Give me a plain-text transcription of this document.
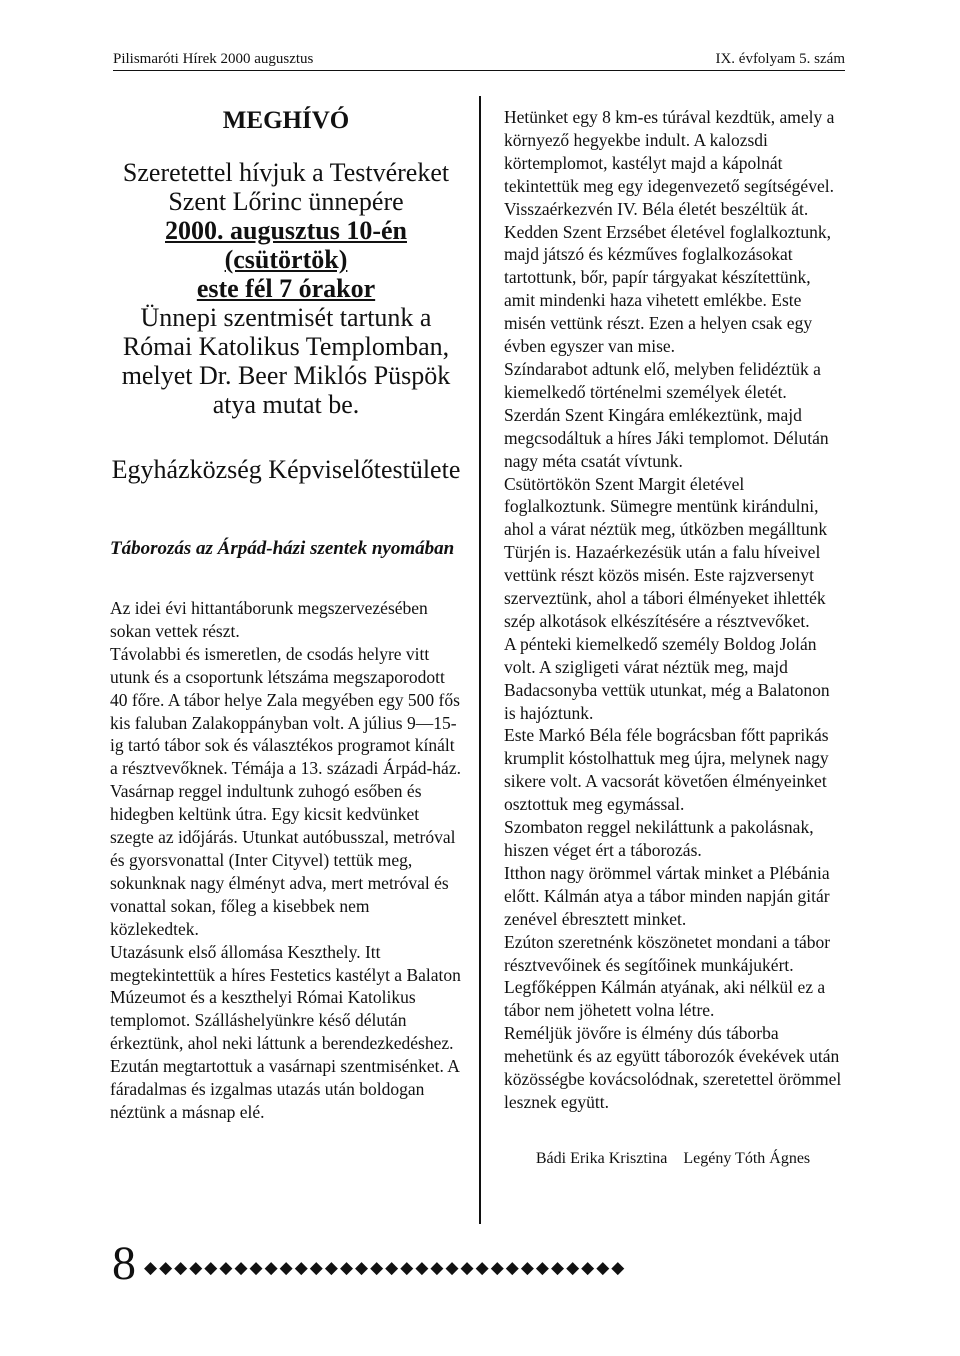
Pilismaróti Hírek 2000 augusztus	IX. évfolyam 5. szám
MEGHÍVÓ
Szeretettel hívjuk a Testvéreket
Szent Lőrinc ünnepére
2000. augusztus 10-én (csütörtök)
este fél 7 órakor
Ünnepi szentmisét tartunk a
Római Katolikus Templomban,
melyet Dr. Beer Miklós Püspök
atya mutat be.
Egyházközség Képviselőtestülete
Táborozás az Árpád-házi szentek nyomában

Az idei évi hittantáborunk megszervezésében sokan vettek részt.

Távolabbi és ismeretlen, de csodás helyre vitt utunk és a csoportunk létszáma megszaporodott 40 főre. A tábor helye Zala megyében egy 500 fős kis faluban Zalakoppányban volt. A július 9—15-ig tartó tábor sok és választékos programot kínált a résztvevőknek. Témája a 13. századi Árpád-ház.

Vasárnap reggel indultunk zuhogó esőben és hidegben keltünk útra. Egy kicsit kedvünket szegte az időjárás. Utunkat autóbusszal, metróval és gyorsvonattal (Inter Cityvel) tettük meg, sokunknak nagy élményt adva, mert metróval és vonattal sokan, főleg a kisebbek nem közlekedtek.

Utazásunk első állomása Keszthely. Itt megtekintettük a híres Festetics kastélyt a Balaton Múzeumot és a keszthelyi Római Katolikus templomot. Szálláshelyünkre késő délután érkeztünk, ahol neki láttunk a berendezkedéshez.

Ezután megtartottuk a vasárnapi szentmisénket. A fáradalmas és izgalmas utazás után boldogan néztünk a másnap elé.

Hetünket egy 8 km-es túrával kezdtük, amely a környező hegyekbe indult. A kalozsdi körtemplomot, kastélyt majd a kápolnát tekintettük meg egy idegenvezető segítségével. Visszaérkezvén IV. Béla életét beszéltük át.

Kedden Szent Erzsébet életével foglalkoztunk, majd játszó és kézműves foglalkozásokat tartottunk, bőr, papír tárgyakat készítettünk, amit mindenki haza vihetett emlékbe. Este misén vettünk részt. Ezen a helyen csak egy évben egyszer van mise.

Színdarabot adtunk elő, melyben felidéztük a kiemelkedő történelmi személyek életét.

Szerdán Szent Kingára emlékeztünk, majd megcsodáltuk a híres Jáki templomot. Délután nagy méta csatát vívtunk.

Csütörtökön Szent Margit életével foglalkoztunk. Sümegre mentünk kirándulni, ahol a várat néztük meg, útközben megálltunk Türjén is. Hazaérkezésük után a falu híveivel vettünk részt közös misén. Este rajzversenyt szerveztünk, ahol a tábori élményeket ihlették szép alkotások elkészítésére a résztvevőket.

A pénteki kiemelkedő személy Boldog Jolán volt. A szigligeti várat néztük meg, majd Badacsonyba vettük utunkat, még a Balatonon is hajóztunk.

Este Markó Béla féle bográcsban főtt paprikás krumplit kóstolhattuk meg újra, melynek nagy sikere volt. A vacsorát követően élményeinket osztottuk meg egymással.

Szombaton reggel nekiláttunk a pakolásnak, hiszen véget ért a táborozás.

Itthon nagy örömmel vártak minket a Plébánia előtt. Kálmán atya a tábor minden napján gitár zenével ébresztett minket.

Ezúton szeretnénk köszönetet mondani a tábor résztvevőinek és segítőinek munkájukért. Legfőképpen Kálmán atyának, aki nélkül ez a tábor nem jöhetett volna létre.

Reméljük jövőre is élmény dús táborba mehetünk és az együtt táborozók évekévek után közösségbe kovácsolódnak, szeretettel örömmel lesznek együtt.

Bádi Erika Krisztina Legény Tóth Ágnes
8 ◆◆◆◆◆◆◆◆◆◆◆◆◆◆◆◆◆◆◆◆◆◆◆◆◆◆◆◆◆◆◆◆
